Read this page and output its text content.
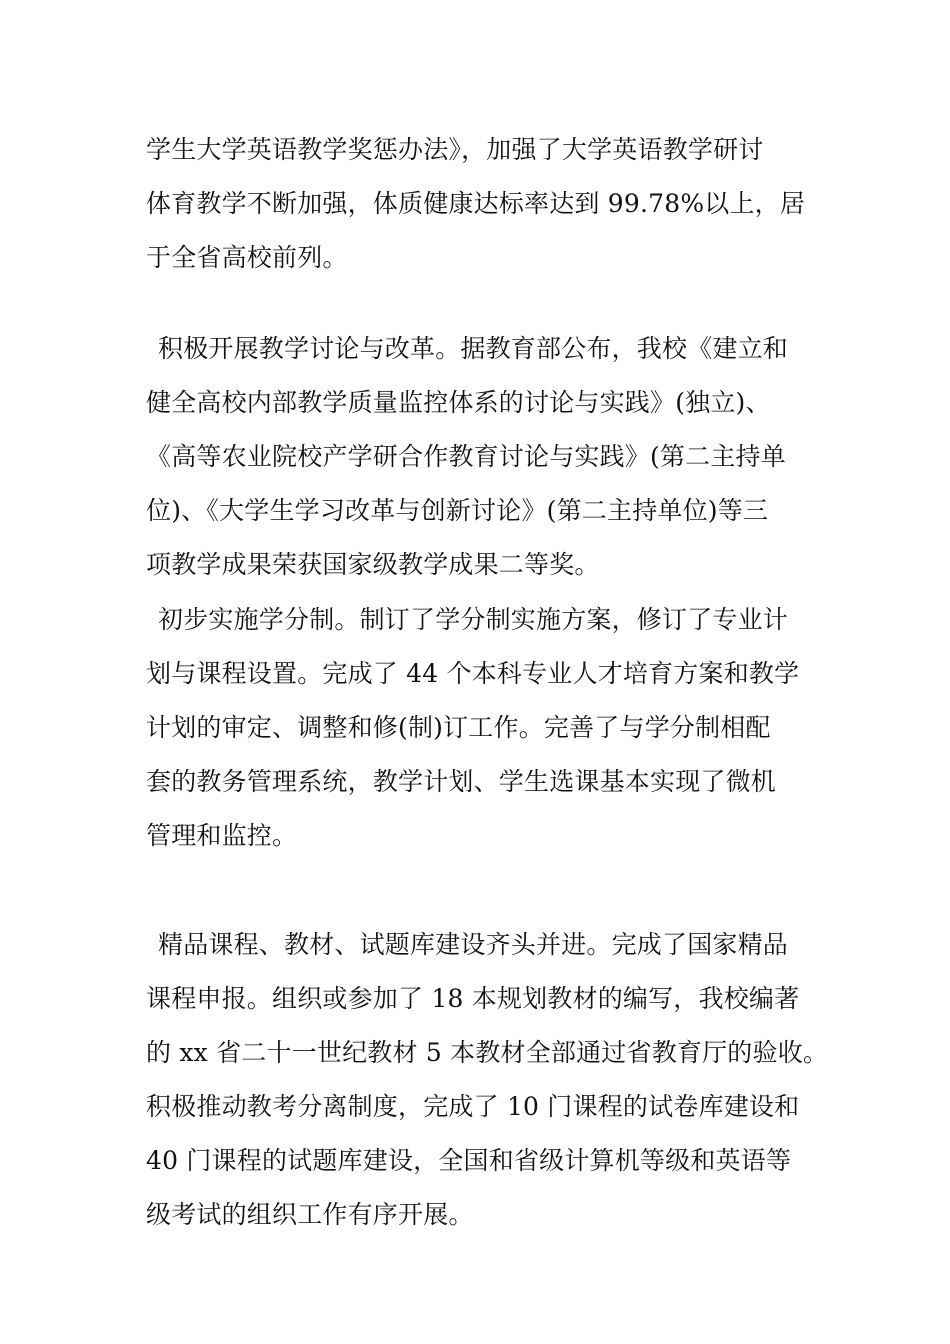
学生大学英语教学奖惩办法》，加强了大学英语教学研讨
体育教学不断加强，体质健康达标率达到 99.78%以上，居
于全省高校前列。
积极开展教学讨论与改革。据教育部公布，我校《建立和
健全高校内部教学质量监控体系的讨论与实践》(独立)、
《高等农业院校产学研合作教育讨论与实践》(第二主持单
位)、《大学生学习改革与创新讨论》(第二主持单位)等三
项教学成果荣获国家级教学成果二等奖。
初步实施学分制。制订了学分制实施方案，修订了专业计
划与课程设置。完成了 44 个本科专业人才培育方案和教学
计划的审定、调整和修(制)订工作。完善了与学分制相配
套的教务管理系统，教学计划、学生选课基本实现了微机
管理和监控。
精品课程、教材、试题库建设齐头并进。完成了国家精品
课程申报。组织或参加了 18 本规划教材的编写，我校编著
的 xx 省二十一世纪教材 5 本教材全部通过省教育厅的验收。
积极推动教考分离制度，完成了 10 门课程的试卷库建设和
40 门课程的试题库建设，全国和省级计算机等级和英语等
级考试的组织工作有序开展。
